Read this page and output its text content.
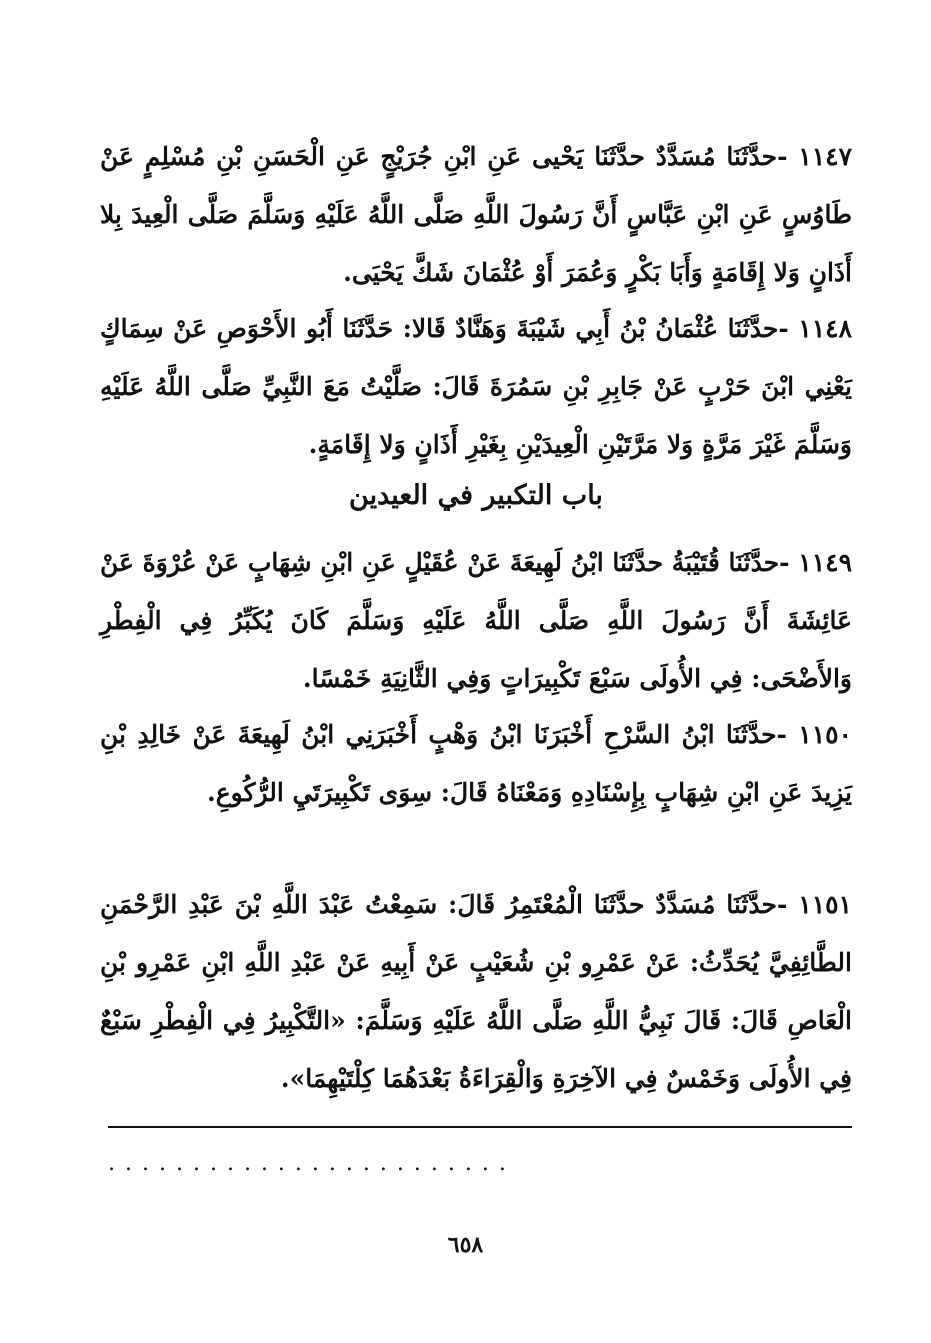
١١٤٧ -حدَّثَنَا مُسَدَّدٌ حدَّثَنَا يَحْيى عَنِ ابْنِ جُرَيْجٍ عَنِ الْحَسَنِ بْنِ مُسْلِمٍ عَنْ طَاوُسٍ عَنِ ابْنِ عَبَّاسٍ أَنَّ رَسُولَ اللَّهِ صَلَّى اللَّهُ عَلَيْهِ وَسَلَّمَ صَلَّى الْعِيدَ بِلا أَذَانٍ وَلا إِقَامَةٍ وَأَبَا بَكْرٍ وَعُمَرَ أَوْ عُثْمَانَ شَكَّ يَحْيَى.

١١٤٨ -حدَّثَنَا عُثْمَانُ بْنُ أَبِي شَيْبَةَ وَهَنَّادٌ قَالا: حَدَّثَنَا أَبُو الأَحْوَصِ عَنْ سِمَاكٍ يَعْنِي ابْنَ حَرْبٍ عَنْ جَابِرِ بْنِ سَمُرَةَ قَالَ: صَلَّيْتُ مَعَ النَّبِيِّ صَلَّى اللَّهُ عَلَيْهِ وَسَلَّمَ غَيْرَ مَرَّةٍ وَلا مَرَّتَيْنِ الْعِيدَيْنِ بِغَيْرِ أَذَانٍ وَلا إِقَامَةٍ.

باب التكبير في العيدين

١١٤٩ -حدَّثَنَا قُتَيْبَةُ حدَّثَنَا ابْنُ لَهِيعَةَ عَنْ عُقَيْلٍ عَنِ ابْنِ شِهَابٍ عَنْ عُرْوَةَ عَنْ عَائِشَةَ أَنَّ رَسُولَ اللَّهِ صَلَّى اللَّهُ عَلَيْهِ وَسَلَّمَ كَانَ يُكَبِّرُ فِي الْفِطْرِ وَالأَضْحَى: فِي الأُولَى سَبْعَ تَكْبِيرَاتٍ وَفِي الثَّانِيَةِ خَمْسًا.

١١٥٠ -حدَّثَنَا ابْنُ السَّرْحِ أَخْبَرَنَا ابْنُ وَهْبٍ أَخْبَرَنِي ابْنُ لَهِيعَةَ عَنْ خَالِدِ بْنِ يَزِيدَ عَنِ ابْنِ شِهَابٍ بِإِسْنَادِهِ وَمَعْنَاهُ قَالَ: سِوَى تَكْبِيرَتَيِ الرُّكُوعِ.

١١٥١ -حدَّثَنَا مُسَدَّدٌ حدَّثَنَا الْمُعْتَمِرُ قَالَ: سَمِعْتُ عَبْدَ اللَّهِ بْنَ عَبْدِ الرَّحْمَنِ الطَّائِفِيَّ يُحَدِّثُ: عَنْ عَمْرِو بْنِ شُعَيْبٍ عَنْ أَبِيهِ عَنْ عَبْدِ اللَّهِ ابْنِ عَمْرِو بْنِ الْعَاصِ قَالَ: قَالَ نَبِيُّ اللَّهِ صَلَّى اللَّهُ عَلَيْهِ وَسَلَّمَ: «التَّكْبِيرُ فِي الْفِطْرِ سَبْعٌ فِي الأُولَى وَخَمْسٌ فِي الآخِرَةِ وَالْقِرَاءَةُ بَعْدَهُمَا كِلْتَيْهِمَا».

........................
٦٥٨
